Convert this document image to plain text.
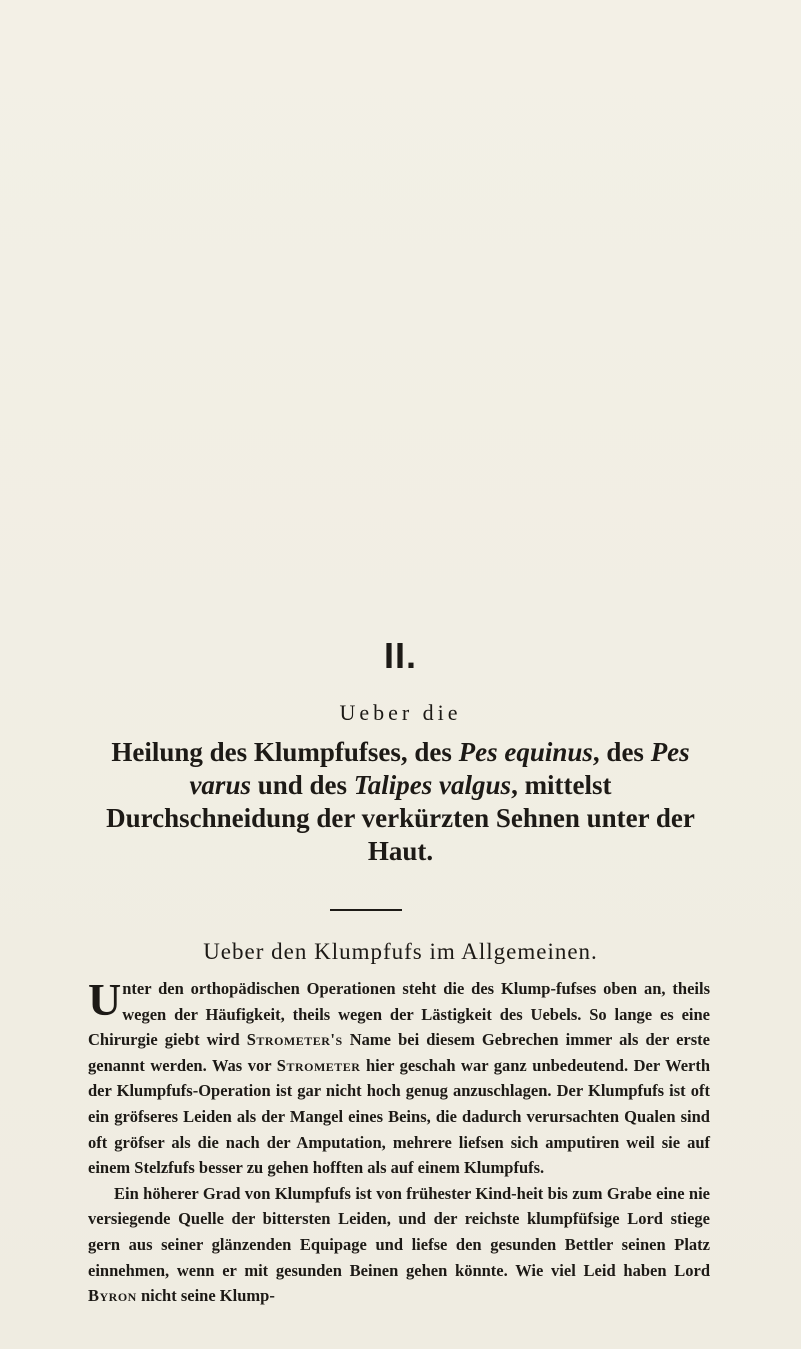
II.
Ueber die
Heilung des Klumpfufses, des Pes equinus, des Pes varus und des Talipes valgus, mittelst Durchschneidung der verkürzten Sehnen unter der Haut.
Ueber den Klumpfufs im Allgemeinen.

Unter den orthopädischen Operationen steht die des Klump-fufses oben an, theils wegen der Häufigkeit, theils wegen der Lästigkeit des Uebels. So lange es eine Chirurgie giebt wird Strometer's Name bei diesem Gebrechen immer als der erste genannt werden. Was vor Strometer hier geschah war ganz unbedeutend. Der Werth der Klumpfufs-Operation ist gar nicht hoch genug anzuschlagen. Der Klumpfufs ist oft ein gröfseres Leiden als der Mangel eines Beins, die dadurch verursachten Qualen sind oft gröfser als die nach der Amputation, mehrere liefsen sich amputiren weil sie auf einem Stelzfufs besser zu gehen hofften als auf einem Klumpfufs.

Ein höherer Grad von Klumpfufs ist von frühester Kind-heit bis zum Grabe eine nie versiegende Quelle der bittersten Leiden, und der reichste klumpfüfsige Lord stiege gern aus seiner glänzenden Equipage und liefse den gesunden Bettler seinen Platz einnehmen, wenn er mit gesunden Beinen gehen könnte. Wie viel Leid haben Lord Byron nicht seine Klump-
